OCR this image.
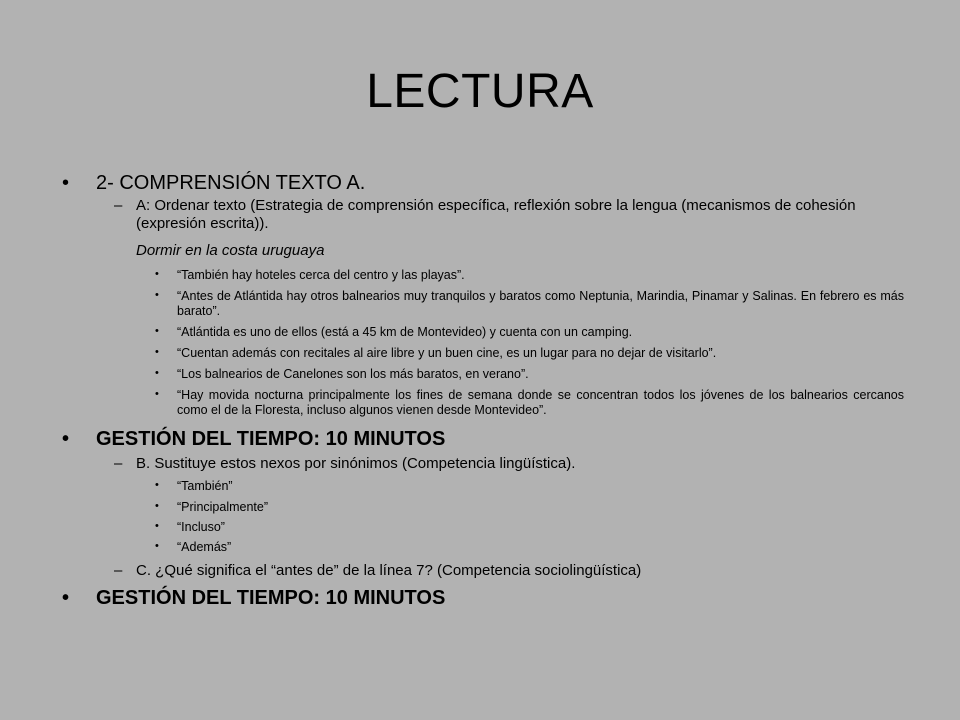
LECTURA
• 2- COMPRENSIÓN TEXTO A.
– A: Ordenar texto (Estrategia de comprensión específica, reflexión sobre la lengua (mecanismos de cohesión (expresión escrita)).
Dormir en la costa uruguaya
• “También hay hoteles cerca del centro y las playas”.
• “Antes de Atlántida hay otros balnearios muy tranquilos y baratos como Neptunia, Marindia, Pinamar y Salinas. En febrero es más barato”.
• “Atlántida es uno de ellos (está a 45 km de Montevideo) y cuenta con un camping.
• “Cuentan además con recitales al aire libre y un buen cine, es un lugar para no dejar de visitarlo”.
• “Los balnearios de Canelones son los más baratos, en verano”.
• “Hay movida nocturna principalmente los fines de semana donde se concentran todos los jóvenes de los balnearios cercanos como el de la Floresta, incluso algunos vienen desde Montevideo”.
• GESTIÓN DEL TIEMPO: 10 MINUTOS
– B. Sustituye estos nexos por sinónimos (Competencia lingüística).
• “También”
• “Principalmente”
• “Incluso”
• “Además”
– C. ¿Qué significa el “antes de” de la línea 7? (Competencia sociolingüística)
• GESTIÓN DEL TIEMPO: 10 MINUTOS
